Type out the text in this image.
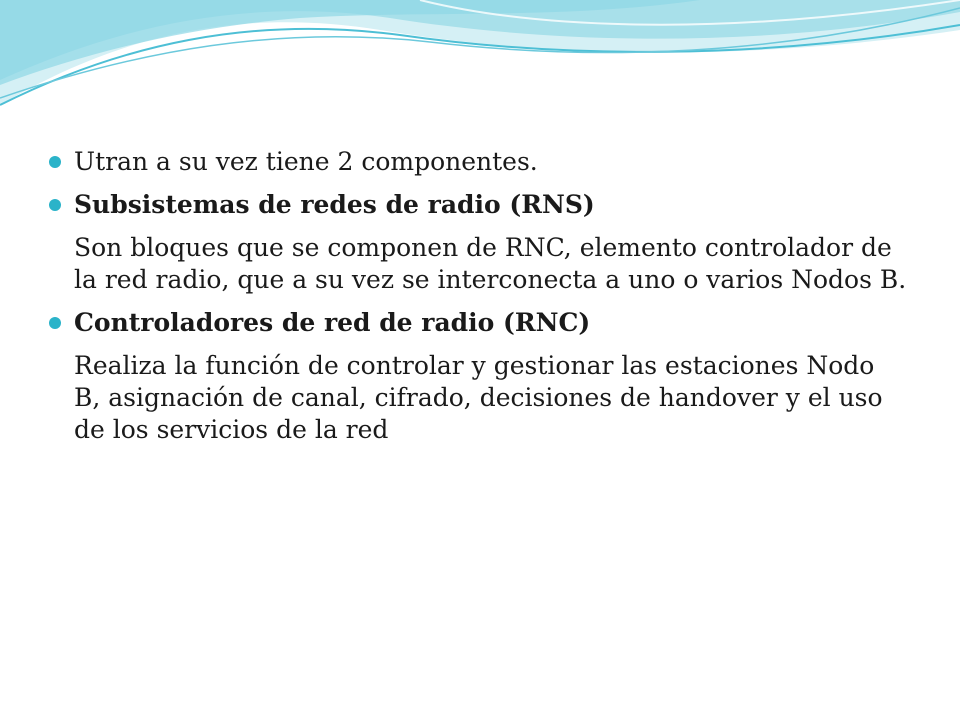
Utran a su vez tiene 2 componentes.
Subsistemas de redes de radio (RNS)
Son bloques que se componen de RNC, elemento controlador de la red radio, que a su vez se interconecta a uno o varios Nodos B.
Controladores de red de radio (RNC)
Realiza la función de controlar y gestionar las estaciones Nodo B, asignación de canal, cifrado, decisiones de handover y el uso de los servicios de la red
